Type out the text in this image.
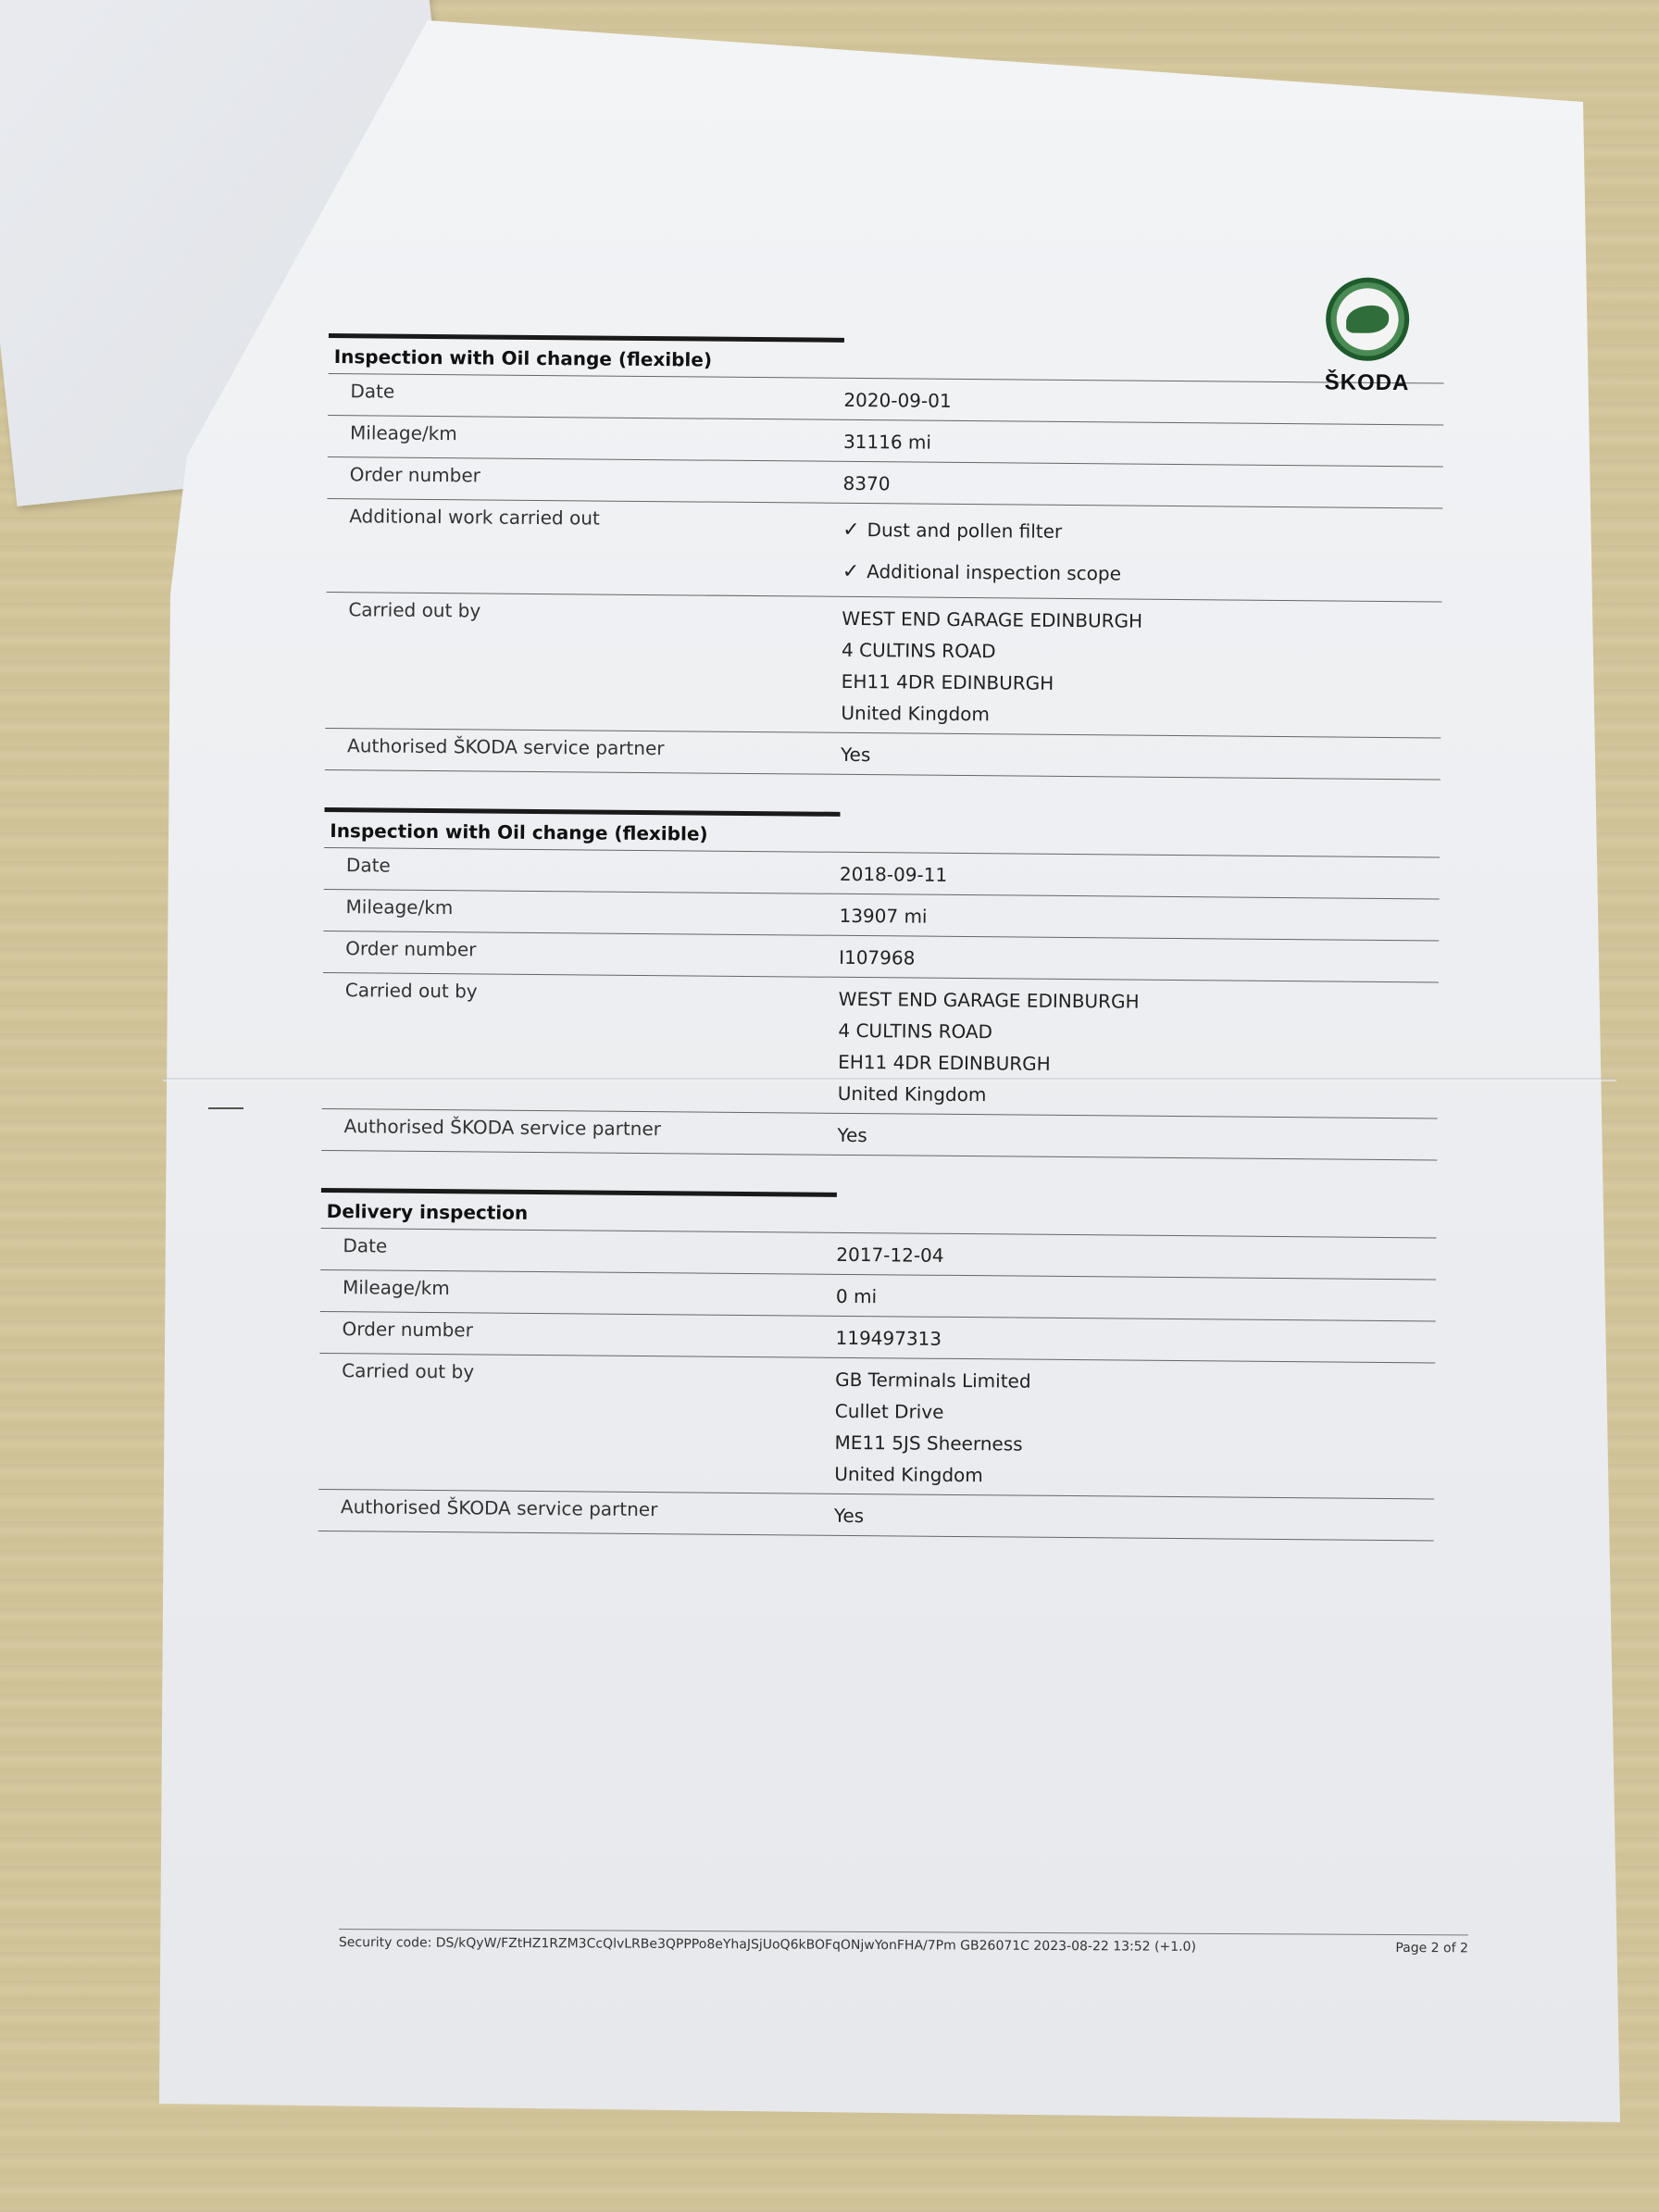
ŠKODA
Inspection with Oil change (flexible)
Date	2020-09-01
Mileage/km	31116 mi
Order number	8370
Additional work carried out
✓ Dust and pollen filter
✓ Additional inspection scope
Carried out by	WEST END GARAGE EDINBURGH
4 CULTINS ROAD
EH11 4DR EDINBURGH
United Kingdom
Authorised ŠKODA service partner	Yes
Inspection with Oil change (flexible)
Date	2018-09-11
Mileage/km	13907 mi
Order number	I107968
Carried out by	WEST END GARAGE EDINBURGH
4 CULTINS ROAD
EH11 4DR EDINBURGH
United Kingdom
Authorised ŠKODA service partner	Yes
Delivery inspection
Date	2017-12-04
Mileage/km	0 mi
Order number	119497313
Carried out by	GB Terminals Limited
Cullet Drive
ME11 5JS Sheerness
United Kingdom
Authorised ŠKODA service partner	Yes
Security code: DS/kQyW/FZtHZ1RZM3CcQlvLRBe3QPPPo8eYhaJSjUoQ6kBOFqONjwYonFHA/7Pm GB26071C 2023-08-22 13:52 (+1.0)	Page 2 of 2
